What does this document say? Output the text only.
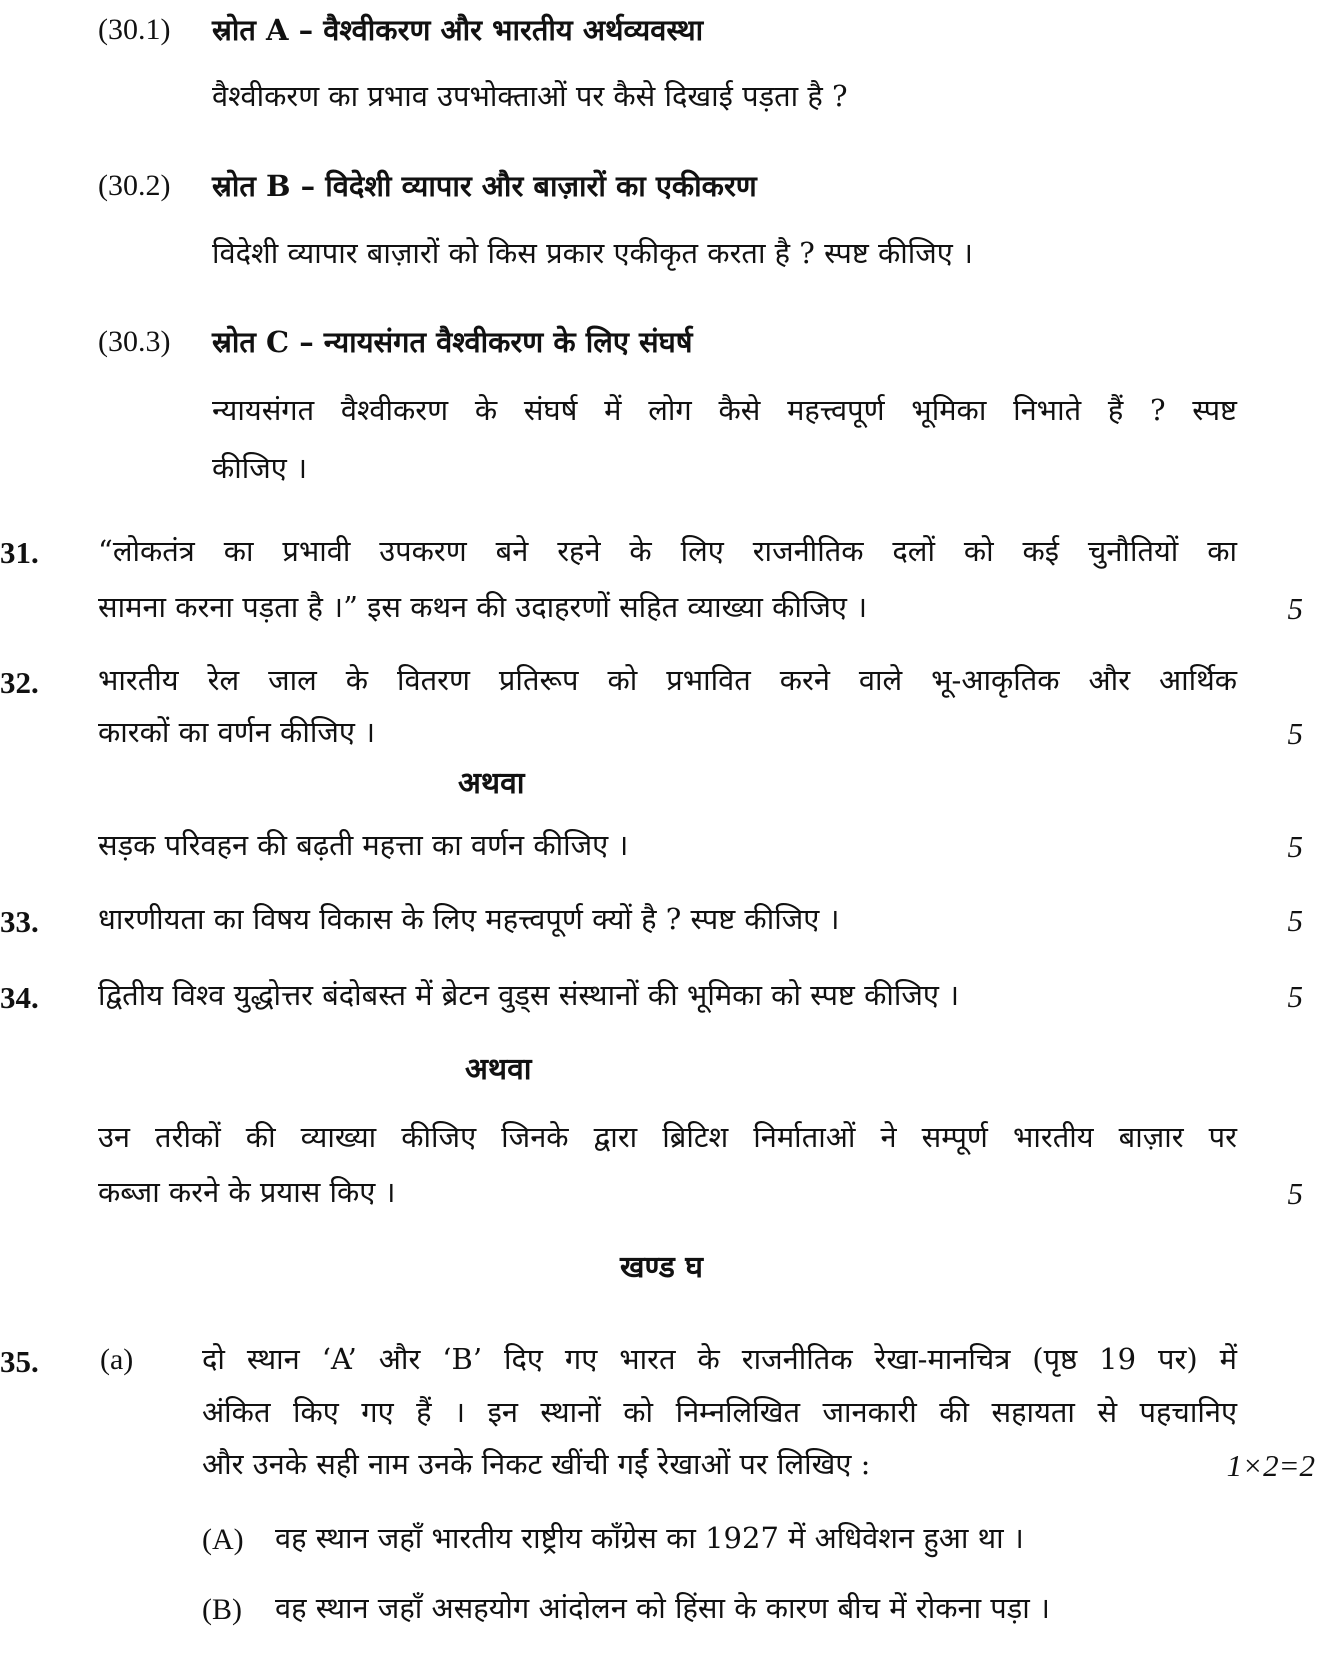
(30.1) स्रोत A – वैश्वीकरण और भारतीय अर्थव्यवस्था
वैश्वीकरण का प्रभाव उपभोक्ताओं पर कैसे दिखाई पड़ता है ?
(30.2) स्रोत B – विदेशी व्यापार और बाज़ारों का एकीकरण
विदेशी व्यापार बाज़ारों को किस प्रकार एकीकृत करता है ? स्पष्ट कीजिए ।
(30.3) स्रोत C – न्यायसंगत वैश्वीकरण के लिए संघर्ष
न्यायसंगत वैश्वीकरण के संघर्ष में लोग कैसे महत्त्वपूर्ण भूमिका निभाते हैं ? स्पष्ट
कीजिए ।
31. “लोकतंत्र का प्रभावी उपकरण बने रहने के लिए राजनीतिक दलों को कई चुनौतियों का
सामना करना पड़ता है ।” इस कथन की उदाहरणों सहित व्याख्या कीजिए ।	5
32. भारतीय रेल जाल के वितरण प्रतिरूप को प्रभावित करने वाले भू-आकृतिक और आर्थिक
कारकों का वर्णन कीजिए ।	5
अथवा
सड़क परिवहन की बढ़ती महत्ता का वर्णन कीजिए ।	5
33. धारणीयता का विषय विकास के लिए महत्त्वपूर्ण क्यों है ? स्पष्ट कीजिए ।	5
34. द्वितीय विश्व युद्धोत्तर बंदोबस्त में ब्रेटन वुड्स संस्थानों की भूमिका को स्पष्ट कीजिए ।	5
अथवा
उन तरीकों की व्याख्या कीजिए जिनके द्वारा ब्रिटिश निर्माताओं ने सम्पूर्ण भारतीय बाज़ार पर
कब्जा करने के प्रयास किए ।	5
खण्ड घ
35. (a) दो स्थान ‘A’ और ‘B’ दिए गए भारत के राजनीतिक रेखा-मानचित्र (पृष्ठ 19 पर) में
अंकित किए गए हैं । इन स्थानों को निम्नलिखित जानकारी की सहायता से पहचानिए
और उनके सही नाम उनके निकट खींची गईं रेखाओं पर लिखिए :	1×2=2
(A) वह स्थान जहाँ भारतीय राष्ट्रीय काँग्रेस का 1927 में अधिवेशन हुआ था ।
(B) वह स्थान जहाँ असहयोग आंदोलन को हिंसा के कारण बीच में रोकना पड़ा ।
